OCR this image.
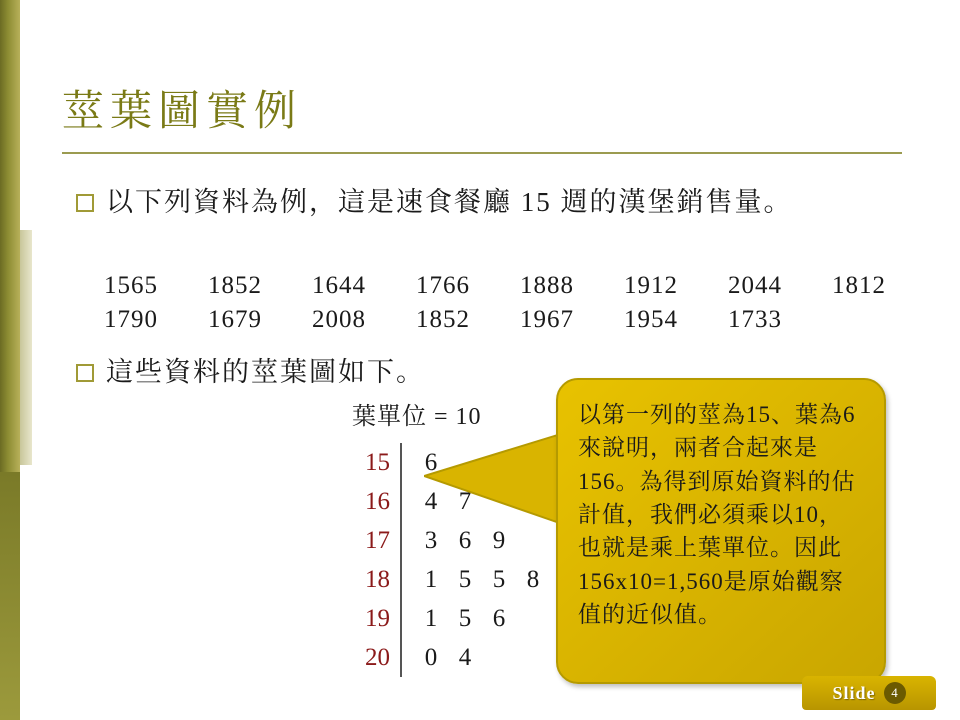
莖葉圖實例
以下列資料為例，這是速食餐廳 15 週的漢堡銷售量。
1565	1852	1644	1766	1888	1912	2044	1812
1790	1679	2008	1852	1967	1954	1733
這些資料的莖葉圖如下。
葉單位 = 10
15	6
16	4 7
17	3 6 9
18	1 5 5 8
19	1 5 6
20	0 4
以第一列的莖為15、葉為6來說明，兩者合起來是156。為得到原始資料的估計值，我們必須乘以10，也就是乘上葉單位。因此156x10=1,560是原始觀察值的近似值。
Slide	4
